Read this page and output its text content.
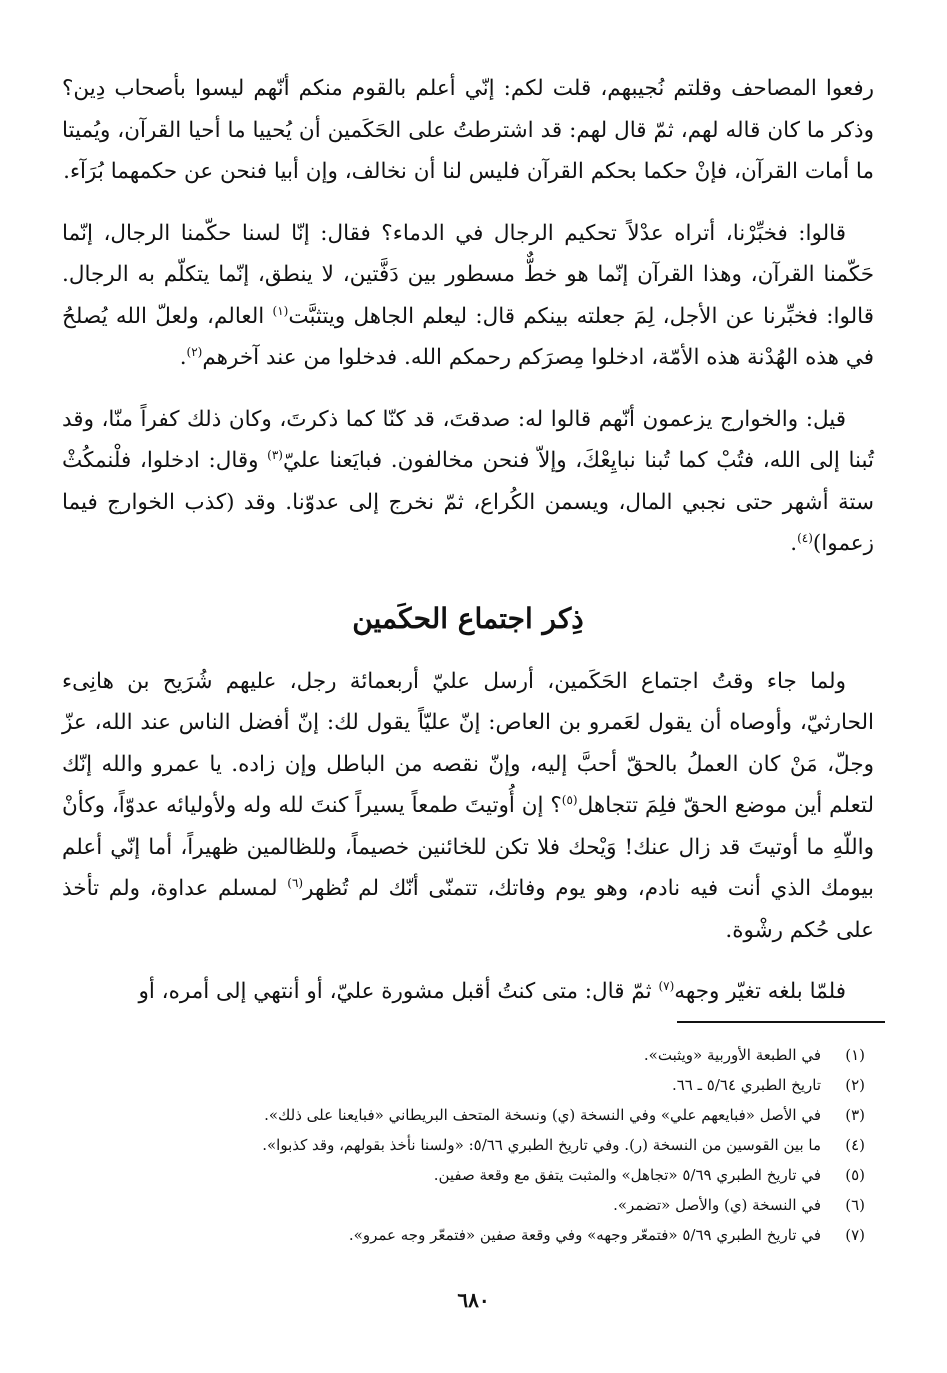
رفعوا المصاحف وقلتم نُجيبهم، قلت لكم: إنّي أعلم بالقوم منكم أنّهم ليسوا بأصحاب دِين؟ وذكر ما كان قاله لهم، ثمّ قال لهم: قد اشترطتُ على الحَكَمين أن يُحييا ما أحيا القرآن، ويُميتا ما أمات القرآن، فإنْ حكما بحكم القرآن فليس لنا أن نخالف، وإن أبيا فنحن عن حكمهما بُرَآء.

قالوا: فخبِّرْنا، أتراه عدْلاً تحكيم الرجال في الدماء؟ فقال: إنّا لسنا حكّمنا الرجال، إنّما حَكّمنا القرآن، وهذا القرآن إنّما هو خطٌّ مسطور بين دَفَّتين، لا ينطق، إنّما يتكلّم به الرجال. قالوا: فخبِّرنا عن الأجل، لِمَ جعلته بينكم قال: ليعلم الجاهل ويتثبَّت$^{(١)}$ العالم، ولعلّ الله يُصلحُ في هذه الهُدْنة هذه الأمّة، ادخلوا مِصرَكم رحمكم الله. فدخلوا من عند آخرهم$^{(٢)}$.

قيل: والخوارج يزعمون أنّهم قالوا له: صدقتَ، قد كنّا كما ذكرتَ، وكان ذلك كفراً منّا، وقد تُبنا إلى الله، فتُبْ كما تُبنا نبايِعْكَ، وإلاّ فنحن مخالفون. فبايَعنا عليّ$^{(٣)}$ وقال: ادخلوا، فلْنمكُثْ ستة أشهر حتى نجبي المال، ويسمن الكُراع، ثمّ نخرج إلى عدوّنا. وقد (كذب الخوارج فيما زعموا)$^{(٤)}$.

ذِكر اجتماع الحكَمين

ولما جاء وقتُ اجتماع الحَكَمين، أرسل عليّ أربعمائة رجل، عليهم شُرَيح بن هانِىء الحارثيّ، وأوصاه أن يقول لعَمرو بن العاص: إنّ عليّاً يقول لك: إنّ أفضل الناس عند الله، عزّ وجلّ، مَنْ كان العملُ بالحقّ أحبَّ إليه، وإنّ نقصه من الباطل وإن زاده. يا عمرو والله إنّك لتعلم أين موضع الحقّ فلِمَ تتجاهل$^{(٥)}$؟ إن أُوتيتَ طمعاً يسيراً كنتَ لله وله ولأوليائه عدوّاً، وكأنْ واللّهِ ما أوتيتَ قد زال عنك! وَيْحك فلا تكن للخائنين خصيماً، وللظالمين ظهيراً، أما إنّي أعلم بيومك الذي أنت فيه نادم، وهو يوم وفاتك، تتمنّى أنّك لم تُظهر$^{(٦)}$ لمسلم عداوة، ولم تأخذ على حُكم رشْوة.

فلمّا بلغه تغيّر وجهه$^{(٧)}$ ثمّ قال: متى كنتُ أقبل مشورة عليّ، أو أنتهي إلى أمره، أو

(١)
في الطبعة الأوربية «ويثبت».
(٢)
تاريخ الطبري ٥/٦٤ ـ ٦٦.
(٣)
في الأصل «فبايعهم علي» وفي النسخة (ي) ونسخة المتحف البريطاني «فبايعنا على ذلك».
(٤)
ما بين القوسين من النسخة (ر). وفي تاريخ الطبري ٥/٦٦: «ولسنا نأخذ بقولهم، وقد كذبوا».
(٥)
في تاريخ الطبري ٥/٦٩ «تجاهل» والمثبت يتفق مع وقعة صفين.
(٦)
في النسخة (ي) والأصل «تضمر».
(٧)
في تاريخ الطبري ٥/٦٩ «فتمعّر وجهه» وفي وقعة صفين «فتمعّر وجه عمرو».
٦٨٠
